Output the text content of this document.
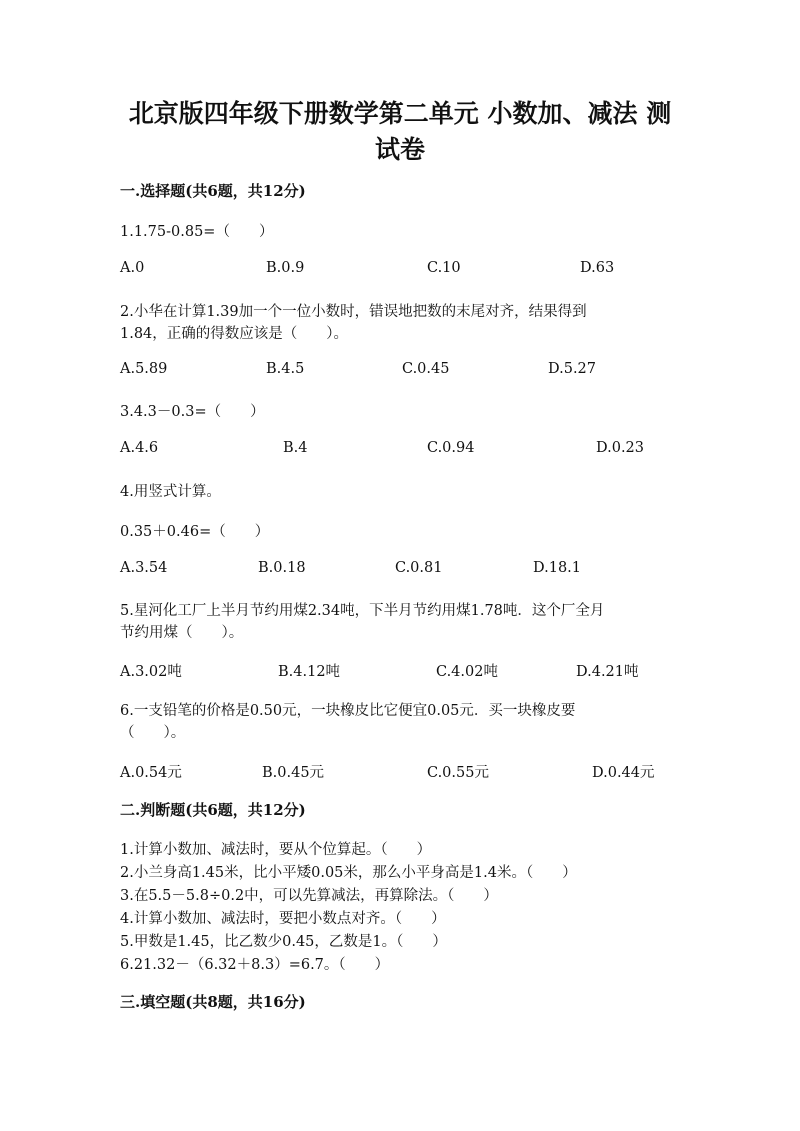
北京版四年级下册数学第二单元 小数加、减法 测
试卷
一.选择题(共6题，共12分)
1.1.75-0.85=（　　）
A.0	B.0.9	C.10	D.63
2.小华在计算1.39加一个一位小数时，错误地把数的末尾对齐，结果得到
1.84，正确的得数应该是（　　）。
A.5.89	B.4.5	C.0.45	D.5.27
3.4.3－0.3=（　　）
A.4.6	B.4	C.0.94	D.0.23
4.用竖式计算。
0.35＋0.46=（　　）
A.3.54	B.0.18	C.0.81	D.18.1
5.星河化工厂上半月节约用煤2.34吨，下半月节约用煤1.78吨．这个厂全月
节约用煤（　　）。
A.3.02吨	B.4.12吨	C.4.02吨	D.4.21吨
6.一支铅笔的价格是0.50元，一块橡皮比它便宜0.05元．买一块橡皮要
（　　）。
A.0.54元	B.0.45元	C.0.55元	D.0.44元
二.判断题(共6题，共12分)
1.计算小数加、减法时，要从个位算起。（　　）
2.小兰身高1.45米，比小平矮0.05米，那么小平身高是1.4米。（　　）
3.在5.5－5.8÷0.2中，可以先算减法，再算除法。（　　）
4.计算小数加、减法时，要把小数点对齐。（　　）
5.甲数是1.45，比乙数少0.45，乙数是1。（　　）
6.21.32－（6.32＋8.3）=6.7。（　　）
三.填空题(共8题，共16分)
